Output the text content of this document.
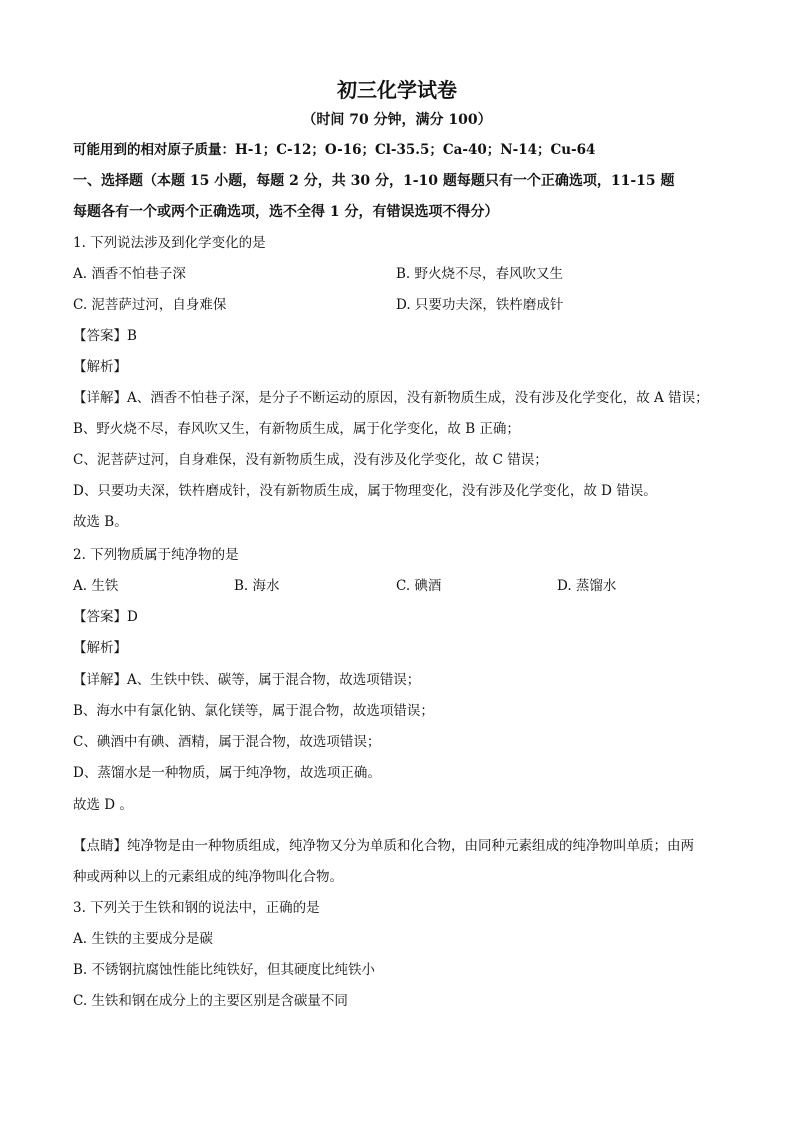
初三化学试卷
（时间 70 分钟，满分 100）
可能用到的相对原子质量：H-1；C-12；O-16；Cl-35.5；Ca-40；N-14；Cu-64
一、选择题（本题 15 小题，每题 2 分，共 30 分，1-10 题每题只有一个正确选项，11-15 题
每题各有一个或两个正确选项，选不全得 1 分，有错误选项不得分）
1. 下列说法涉及到化学变化的是
A. 酒香不怕巷子深	B. 野火烧不尽，春风吹又生
C. 泥菩萨过河，自身难保	D. 只要功夫深，铁杵磨成针
【答案】B
【解析】
【详解】A、酒香不怕巷子深，是分子不断运动的原因，没有新物质生成，没有涉及化学变化，故 A 错误；
B、野火烧不尽，春风吹又生，有新物质生成，属于化学变化，故 B 正确；
C、泥菩萨过河，自身难保，没有新物质生成，没有涉及化学变化，故 C 错误；
D、只要功夫深，铁杵磨成针，没有新物质生成，属于物理变化，没有涉及化学变化，故 D 错误。
故选 B。
2. 下列物质属于纯净物的是
A. 生铁	B. 海水	C. 碘酒	D. 蒸馏水
【答案】D
【解析】
【详解】A、生铁中铁、碳等，属于混合物，故选项错误；
B、海水中有氯化钠、氯化镁等，属于混合物，故选项错误；
C、碘酒中有碘、酒精，属于混合物，故选项错误；
D、蒸馏水是一种物质，属于纯净物，故选项正确。
故选 D 。
【点睛】纯净物是由一种物质组成，纯净物又分为单质和化合物，由同种元素组成的纯净物叫单质；由两
种或两种以上的元素组成的纯净物叫化合物。
3. 下列关于生铁和钢的说法中，正确的是
A. 生铁的主要成分是碳
B. 不锈钢抗腐蚀性能比纯铁好，但其硬度比纯铁小
C. 生铁和钢在成分上的主要区别是含碳量不同
